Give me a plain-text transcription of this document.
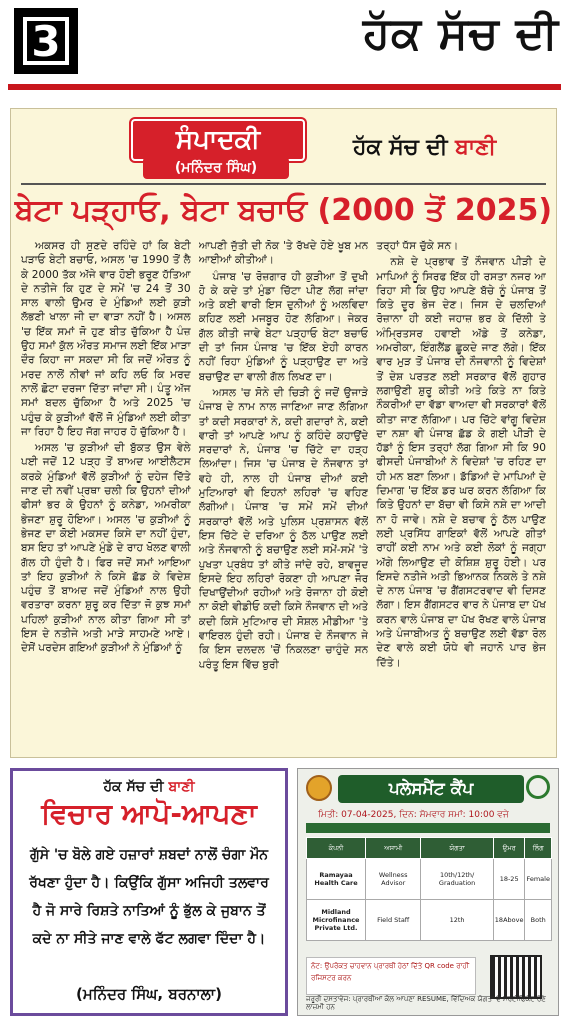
3	ਹੱਕ ਸੱਚ ਦੀ
ਸੰਪਾਦਕੀ
(ਮਨਿੰਦਰ ਸਿੰਘ)
ਹੱਕ ਸੱਚ ਦੀ ਬਾਣੀ
ਬੇਟਾ ਪੜ੍ਹਾਓ, ਬੇਟਾ ਬਚਾਓ (2000 ਤੋਂ 2025)

ਅਕਸਰ ਹੀ ਸੁਣਦੇ ਰਹਿੰਦੇ ਹਾਂ ਕਿ ਬੇਟੀ ਪੜਾਓ ਬੇਟੀ ਬਚਾਓ, ਅਸਲ 'ਚ 1990 ਤੋਂ ਲੈ ਕੇ 2000 ਤੱਕ ਅੱਜੇ ਵਾਰ ਹੋਈ ਭਰੂਣ ਹੱਤਿਆ ਦੇ ਨਤੀਜੇ ਕਿ ਹੁਣ ਦੇ ਸਮੇਂ 'ਚ 24 ਤੋਂ 30 ਸਾਲ ਵਾਲੀ ਉਮਰ ਦੇ ਮੁੰਡਿਆਂ ਲਈ ਕੁੜੀ ਲੱਭਣੀ ਖਾਲਾ ਜੀ ਦਾ ਵਾੜਾ ਨਹੀਂ ਹੈ। ਅਸਲ 'ਚ ਇੱਕ ਸਮਾਂ ਜੋ ਹੁਣ ਬੀਤ ਚੁੱਕਿਆ ਹੈ ਪੰਜ਼ ਉਹ ਸਮਾਂ ਕੁੱਲ ਔਰਤ ਸਮਾਜ ਲਈ ਇੱਕ ਮਾੜਾ ਦੌਰ ਕਿਹਾ ਜਾ ਸਕਦਾ ਸੀ ਕਿ ਜਦੋਂ ਔਰਤ ਨੂੰ ਮਰਦ ਨਾਲੋਂ ਨੀਵਾਂ ਜਾਂ ਕਹਿ ਲਓ ਕਿ ਮਰਦ ਨਾਲੋਂ ਛੋਟਾ ਦਰਜਾ ਦਿੱਤਾ ਜਾਂਦਾ ਸੀ। ਪੰਤੂ ਅੱਜ ਸਮਾਂ ਬਦਲ ਚੁੱਕਿਆ ਹੈ ਅਤੇ 2025 'ਚ ਪਹੁੰਚ ਕੇ ਕੁੜੀਆਂ ਵੱਲੋਂ ਜੋ ਮੁੰਡਿਆਂ ਲਈ ਕੀਤਾ ਜਾ ਰਿਹਾ ਹੈ ਇਹ ਜੱਗ ਜਾਹਰ ਹੋ ਚੁੱਕਿਆ ਹੈ।

ਅਸਲ 'ਚ ਕੁੜੀਆਂ ਦੀ ਬੁੱਕਤ ਉਸ ਵੇਲੇ ਪਈ ਜਦੋਂ 12 ਪੜ੍ਹ ਤੋਂ ਬਾਅਦ ਆਈਲੈਟਸ ਕਰਕੇ ਮੁੰਡਿਆਂ ਵੱਲੋਂ ਕੁੜੀਆਂ ਨੂੰ ਦਹੇਜ ਦਿੱਤੇ ਜਾਣ ਦੀ ਨਵੀਂ ਪ੍ਰਥਾ ਚਲੀ ਕਿ ਉਹਨਾਂ ਦੀਆਂ ਫੀਸਾਂ ਭਰ ਕੇ ਉਹਨਾਂ ਨੂੰ ਕਨੇਡਾ, ਅਮਰੀਕਾ ਭੇਜਣਾ ਸ਼ੁਰੂ ਹੋਇਆ। ਅਸਲ 'ਚ ਕੁੜੀਆਂ ਨੂੰ ਭੇਜਣ ਦਾ ਕੋਈ ਮਕਸਦ ਕਿਸੇ ਦਾ ਨਹੀਂ ਹੁੰਦਾ, ਬਸ ਇਹ ਤਾਂ ਆਪਣੇ ਮੁੰਡੇ ਦੇ ਰਾਹ ਖੋਲਣ ਵਾਲੀ ਗੱਲ ਹੀ ਹੁੰਦੀ ਹੈ। ਫਿਰ ਜਦੋਂ ਸਮਾਂ ਆਇਆ ਤਾਂ ਇਹ ਕੁੜੀਆਂ ਨੇ ਕਿਸੇ ਛੱਡ ਕੇ ਵਿਦੇਸ਼ ਪਹੁੰਚ ਤੋਂ ਬਾਅਦ ਜਦੋਂ ਮੁੰਡਿਆਂ ਨਾਲ ਉਹੀ ਵਰਤਾਰਾ ਕਰਨਾ ਸ਼ੁਰੂ ਕਰ ਦਿੱਤਾ ਜੋ ਕੁਝ ਸਮਾਂ ਪਹਿਲਾਂ ਕੁੜੀਆਂ ਨਾਲ ਕੀਤਾ ਗਿਆ ਸੀ ਤਾਂ ਇਸ ਦੇ ਨਤੀਜੇ ਅਤੀ ਮਾੜੇ ਸਾਹਮਣੇ ਆਏ। ਦੇਸੋਂ ਪਰਦੇਸ ਗਇਆਂ ਕੁੜੀਆਂ ਨੇ ਮੁੰਡਿਆਂ ਨੂੰ

ਆਪਣੀ ਜੁੱਤੀ ਦੀ ਨੋਕ 'ਤੇ ਰੱਖਦੇ ਹੋਏ ਖੂਬ ਮਨ ਆਈਆਂ ਕੀਤੀਆਂ।

ਪੰਜਾਬ 'ਚ ਰੋਜ਼ਗਾਰ ਹੀ ਕੁੜੀਆ ਤੋਂ ਦੁਖੀ ਹੋ ਕੇ ਕਦੇ ਤਾਂ ਮੁੰਡਾ ਚਿੱਟਾ ਪੀਣ ਲੱਗ ਜਾਂਦਾ ਅਤੇ ਕਈ ਵਾਰੀ ਇਸ ਦੁਨੀਆਂ ਨੂੰ ਅਲਵਿਦਾ ਕਹਿਣ ਲਈ ਮਜਬੂਰ ਹੋਣ ਲੱਗਿਆ। ਜੇਕਰ ਗੱਲ ਕੀਤੀ ਜਾਵੇ ਬੇਟਾ ਪੜ੍ਹਾਓ ਬੇਟਾ ਬਚਾਓ ਦੀ ਤਾਂ ਜਿਸ ਪੰਜਾਬ 'ਚ ਇੱਕ ਏਹੀ ਕਾਰਨ ਨਹੀਂ ਰਿਹਾ ਮੁੰਡਿਆਂ ਨੂੰ ਪੜ੍ਹਾਉਣ ਦਾ ਅਤੇ ਬਚਾਉਣ ਦਾ ਵਾਲੀ ਗੱਲ ਲਿਖਣ ਦਾ।

ਅਸਲ 'ਚ ਸੋਨੇ ਦੀ ਚਿੜੀ ਨੂੰ ਜਦੋਂ ਉਜਾੜੇ ਪੰਜਾਬ ਦੇ ਨਾਮ ਨਾਲ ਜਾਣਿਆ ਜਾਣ ਲੱਗਿਆ ਤਾਂ ਕਦੀ ਸਰਕਾਰਾਂ ਨੇ, ਕਦੀ ਗਦਾਰਾਂ ਨੇ, ਕਈ ਵਾਰੀ ਤਾਂ ਆਪਣੇ ਆਪ ਨੂੰ ਕਹਿੰਦੇ ਕਹਾਉਂਦੇ ਸਰਦਾਰਾਂ ਨੇ, ਪੰਜਾਬ 'ਚ ਚਿੱਟੇ ਦਾ ਹੜ੍ਹ ਲਿਆਂਦਾ। ਜਿਸ 'ਚ ਪੰਜਾਬ ਦੇ ਨੌਜਵਾਨ ਤਾਂ ਵਹੇ ਹੀ, ਨਾਲ ਹੀ ਪੰਜਾਬ ਦੀਆਂ ਕਈ ਮੁਟਿਆਰਾਂ ਵੀ ਇਹਨਾਂ ਲਹਿਰਾਂ 'ਚ ਵਹਿਣ ਲੱਗੀਆਂ। ਪੰਜਾਬ 'ਚ ਸਮੇਂ ਸਮੇਂ ਦੀਆਂ ਸਰਕਾਰਾਂ ਵੱਲੋਂ ਅਤੇ ਪੁਲਿਸ ਪ੍ਰਸ਼ਾਸਨ ਵੱਲੋਂ ਇਸ ਚਿੱਟੇ ਦੇ ਦਰਿਆ ਨੂੰ ਠੱਲ ਪਾਉਣ ਲਈ ਅਤੇ ਨੌਜਵਾਨੀ ਨੂੰ ਬਚਾਉਣ ਲਈ ਸਮੇਂ-ਸਮੇਂ 'ਤੇ ਪੁਖਤਾ ਪ੍ਰਬੰਧ ਤਾਂ ਕੀਤੇ ਜਾਂਦੇ ਰਹੇ, ਬਾਵਜੂਦ ਇਸਦੇ ਇਹ ਲਹਿਰਾਂ ਰੋਕਣਾ ਹੀ ਆਪਣਾ ਜੋਰ ਦਿਖਾਉਂਦੀਆਂ ਰਹੀਆਂ ਅਤੇ ਰੋਜਾਨਾ ਹੀ ਕੋਈ ਨਾ ਕੋਈ ਵੀਡੀਓ ਕਦੀ ਕਿਸੇ ਨੌਜਵਾਨ ਦੀ ਅਤੇ ਕਦੀ ਕਿਸੇ ਮੁਟਿਆਰ ਦੀ ਸੋਸ਼ਲ ਮੀਡੀਆ 'ਤੇ ਵਾਇਰਲ ਹੁੰਦੀ ਰਹੀ। ਪੰਜਾਬ ਦੇ ਨੌਜਵਾਨ ਜੇ ਕਿ ਇਸ ਦਲਦਲ 'ਚੋਂ ਨਿਕਲਣਾ ਚਾਹੁੰਦੇ ਸਨ ਪਰੰਤੂ ਇਸ ਵਿੱਚ ਬੁਰੀ

ਤਰ੍ਹਾਂ ਧੱਸ ਚੁੱਕੇ ਸਨ।

ਨਸ਼ੇ ਦੇ ਪ੍ਰਭਾਵ ਤੋਂ ਨੌਜਵਾਨ ਪੀੜੀ ਦੇ ਮਾਪਿਆਂ ਨੂੰ ਸਿਰਫ ਇੱਕ ਹੀ ਰਸਤਾ ਨਜਰ ਆ ਰਿਹਾ ਸੀ ਕਿ ਉਹ ਆਪਣੇ ਬੱਚੇ ਨੂੰ ਪੰਜਾਬ ਤੋਂ ਕਿਤੇ ਦੂਰ ਭੇਜ ਦੇਣ। ਜਿਸ ਦੇ ਚਲਦਿਆਂ ਰੋਜ਼ਾਨਾ ਹੀ ਕਈ ਜਹਾਜ਼ ਭਰ ਕੇ ਦਿੱਲੀ ਤੇ ਅੰਮ੍ਰਿਤਸਰ ਹਵਾਈ ਅੱਡੇ ਤੋਂ ਕਨੇਡਾ, ਅਮਰੀਕਾ, ਇੰਗਲੈਂਡ ਛੂਕਦੇ ਜਾਣ ਲੱਗੇ। ਇੱਕ ਵਾਰ ਮੁੜ ਤੋਂ ਪੰਜਾਬ ਦੀ ਨੌਜਵਾਨੀ ਨੂੰ ਵਿਦੇਸ਼ਾਂ ਤੋਂ ਦੇਸ਼ ਪਰਤਣ ਲਈ ਸਰਕਾਰ ਵੱਲੋਂ ਗੁਹਾਰ ਲਗਾਉਣੀ ਸ਼ੁਰੂ ਕੀਤੀ ਅਤੇ ਕਿਤੇ ਨਾ ਕਿਤੇ ਨੌਕਰੀਆਂ ਦਾ ਵੱਡਾ ਵਾਅਦਾ ਵੀ ਸਰਕਾਰਾਂ ਵੱਲੋਂ ਕੀਤਾ ਜਾਣ ਲੱਗਿਆ। ਪਰ ਚਿੱਟੇ ਵਾਂਗੂ ਵਿਦੇਸ਼ ਦਾ ਨਸ਼ਾ ਵੀ ਪੰਜਾਬ ਛੱਡ ਕੇ ਗਈ ਪੀੜੀ ਦੇ ਹੱਡਾਂ ਨੂੰ ਇਸ ਤਰ੍ਹਾਂ ਲੱਗ ਗਿਆ ਸੀ ਕਿ 90 ਫੀਸਦੀ ਪੰਜਾਬੀਆਂ ਨੇ ਵਿਦੇਸ਼ਾਂ 'ਚ ਰਹਿਣ ਦਾ ਹੀ ਮਨ ਬਣਾ ਲਿਆ। ਡੱਡਿਆਂ ਦੇ ਮਾਪਿਆਂ ਦੇ ਦਿਮਾਗ 'ਚ ਇੱਕ ਡਰ ਘਰ ਕਰਨ ਲੱਗਿਆ ਕਿ ਕਿਤੇ ਉਹਨਾਂ ਦਾ ਬੱਚਾ ਵੀ ਕਿਸੇ ਨਸ਼ੇ ਦਾ ਆਦੀ ਨਾ ਹੋ ਜਾਵੇ। ਨਸ਼ੇ ਦੇ ਬਚਾਵ ਨੂੰ ਠੱਲ ਪਾਉਣ ਲਈ ਪ੍ਰਸਿੱਧ ਗਾਇਕਾਂ ਵੱਲੋਂ ਆਪਣੇ ਗੀਤਾਂ ਰਾਹੀਂ ਕਈ ਨਾਮ ਅਤੇ ਕਈ ਲੋਕਾਂ ਨੂੰ ਜਗ੍ਹਾ ਅੱਗੇ ਲਿਆਉਣ ਦੀ ਕੋਸ਼ਿਸ਼ ਸ਼ੁਰੂ ਹੋਈ। ਪਰ ਇਸਦੇ ਨਤੀਜੇ ਅਤੀ ਭਿਆਨਕ ਨਿਕਲੇ ਤੇ ਨਸ਼ੇ ਦੇ ਨਾਲ ਪੰਜਾਬ 'ਚ ਗੈਂਗਸਟਰਵਾਦ ਵੀ ਦਿਸਣ ਲੱਗਾ। ਇਸ ਗੈਂਗਸਟਰ ਵਾਰ ਨੇ ਪੰਜਾਬ ਦਾ ਪੱਖ ਕਰਨ ਵਾਲੇ ਪੰਜਾਬ ਦਾ ਪੱਖ ਰੱਖਣ ਵਾਲੇ ਪੰਜਾਬ ਅਤੇ ਪੰਜਾਬੀਅਤ ਨੂੰ ਬਚਾਉਣ ਲਈ ਵੱਡਾ ਰੋਲ ਦੇਣ ਵਾਲੇ ਕਈ ਯੋਧੇ ਵੀ ਜਹਾਨੋ ਪਾਰ ਭੇਜ ਦਿੱਤੇ।

ਹੱਕ ਸੱਚ ਦੀ ਬਾਣੀ
ਵਿਚਾਰ ਆਪੋ-ਆਪਣਾ
ਗੁੱਸੇ 'ਚ ਬੋਲੇ ਗਏ ਹਜ਼ਾਰਾਂ ਸ਼ਬਦਾਂ ਨਾਲੋਂ ਚੰਗਾ ਮੌਨ ਰੱਖਣਾ ਹੁੰਦਾ ਹੈ। ਕਿਉਂਕਿ ਗੁੱਸਾ ਅਜਿਹੀ ਤਲਵਾਰ ਹੈ ਜੋ ਸਾਰੇ ਰਿਸ਼ਤੇ ਨਾਤਿਆਂ ਨੂੰ ਭੁੱਲ ਕੇ ਜੁਬਾਨ ਤੋਂ ਕਦੇ ਨਾ ਸੀਤੇ ਜਾਣ ਵਾਲੇ ਫੱਟ ਲਗਵਾ ਦਿੰਦਾ ਹੈ।
(ਮਨਿੰਦਰ ਸਿੰਘ, ਬਰਨਾਲਾ)
ਪਲੇਸਮੈਂਟ ਕੈਂਪ
ਮਿਤੀ: 07-04-2025, ਦਿਨ: ਸੋਮਵਾਰ ਸਮਾਂ: 10:00 ਵਜੇ
ਕੰਪਨੀ	ਅਸਾਮੀ	ਯੋਗਤਾ	ਉਮਰ	ਲਿੰਗ
Ramayaa Health Care	Wellness Advisor	10th/12th/ Graduation	18-25	Female
Midland Microfinance Private Ltd.	Field Staff	12th	18Above	Both
ਨੋਟ: ਉਪਰੋਕਤ ਚਾਹਵਾਨ ਪ੍ਰਾਰਥੀ ਹੇਠਾਂ ਦਿੱਤੇ QR code ਰਾਹੀਂ ਰਜਿਸਟਰ ਕਰਨ
ਜਰੂਰੀ ਦਸਤਾਵੇਜ: ਪ੍ਰਾਰਥੀਆਂ ਕੋਲ ਆਪਣਾ RESUME, ਵਿੱਦਿਅਕ ਯੋਗਤਾ ਦੇ ਸਰਟੀਫਿਕੇਟ ਹੋਣੇ ਲਾਜ਼ਮੀ ਹਨ
